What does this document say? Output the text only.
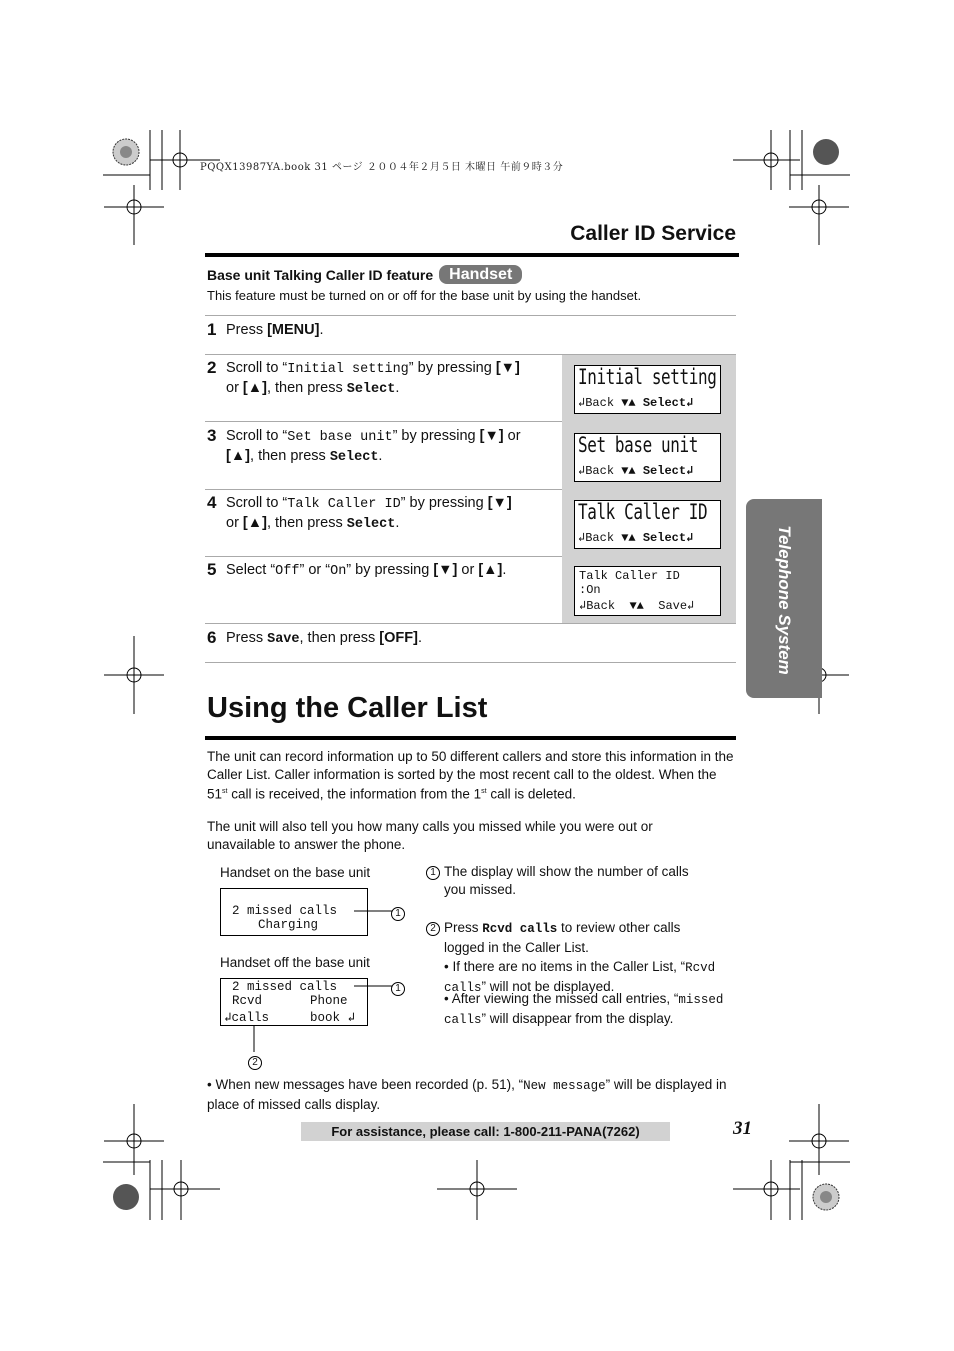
PQQX13987YA.book 31 ページ ２００４年２月５日 木曜日 午前９時３分
Caller ID Service
Base unit Talking Caller ID feature Handset
This feature must be turned on or off for the base unit by using the handset.
1 Press [MENU].
2 Scroll to “Initial setting” by pressing [▼]
or [▲], then press Select.	Initial setting
↲Back ▼▲ Select↲
3 Scroll to “Set base unit” by pressing [▼] or
[▲], then press Select.	Set base unit
↲Back ▼▲ Select↲
4 Scroll to “Talk Caller ID” by pressing [▼]
or [▲], then press Select.	Talk Caller ID
↲Back ▼▲ Select↲
5 Select “Off” or “On” by pressing [▼] or [▲].	Talk Caller ID
:On
↲Back ▼▲ Save↲
6 Press Save, then press [OFF].
Using the Caller List
The unit can record information up to 50 different callers and store this information in the Caller List. Caller information is sorted by the most recent call to the oldest. When the 51st call is received, the information from the 1st call is deleted.
The unit will also tell you how many calls you missed while you were out or unavailable to answer the phone.
Handset on the base unit
2 missed calls
Charging
Handset off the base unit
2 missed calls
Rcvd	Phone
↲calls	book ↲
1
1
2
1 The display will show the number of calls you missed.
2 Press Rcvd calls to review other calls logged in the Caller List.
• If there are no items in the Caller List, “Rcvd calls” will not be displayed.
• After viewing the missed call entries, “missed calls” will disappear from the display.
• When new messages have been recorded (p. 51), “New message” will be displayed in place of missed calls display.
Telephone System
For assistance, please call: 1-800-211-PANA(7262)	31
